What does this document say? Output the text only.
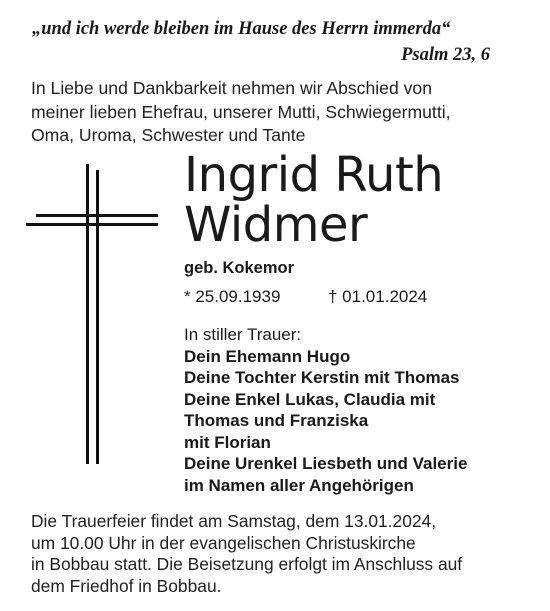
„und ich werde bleiben im Hause des Herrn immerda“
Psalm 23, 6
In Liebe und Dankbarkeit nehmen wir Abschied von
meiner lieben Ehefrau, unserer Mutti, Schwiegermutti,
Oma, Uroma, Schwester und Tante
Ingrid Ruth
Widmer
geb. Kokemor
* 25.09.1939	† 01.01.2024
In stiller Trauer:
Dein Ehemann Hugo
Deine Tochter Kerstin mit Thomas
Deine Enkel Lukas, Claudia mit
Thomas und Franziska
mit Florian
Deine Urenkel Liesbeth und Valerie
im Namen aller Angehörigen
Die Trauerfeier findet am Samstag, dem 13.01.2024,
um 10.00 Uhr in der evangelischen Christuskirche
in Bobbau statt. Die Beisetzung erfolgt im Anschluss auf
dem Friedhof in Bobbau.
